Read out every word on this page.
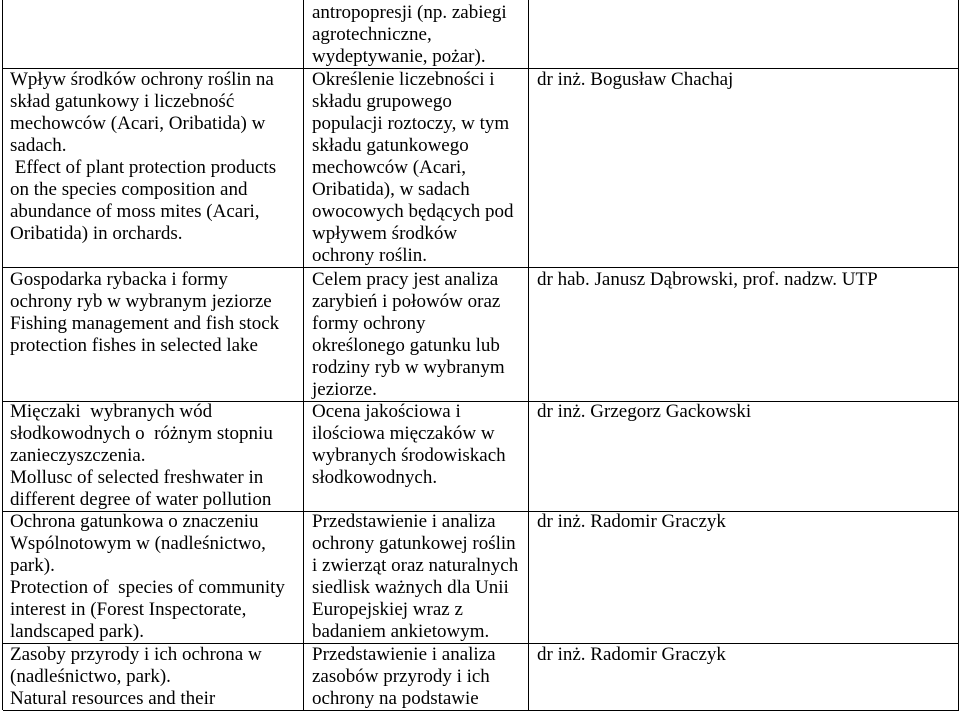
antropopresji (np. zabiegi
agrotechniczne,
wydeptywanie, pożar).
Wpływ środków ochrony roślin na
skład gatunkowy i liczebność
mechowców (Acari, Oribatida) w
sadach.
Effect of plant protection products
on the species composition and
abundance of moss mites (Acari,
Oribatida) in orchards.
Określenie liczebności i
składu grupowego
populacji roztoczy, w tym
składu gatunkowego
mechowców (Acari,
Oribatida), w sadach
owocowych będących pod
wpływem środków
ochrony roślin.
dr inż. Bogusław Chachaj
Gospodarka rybacka i formy
ochrony ryb w wybranym jeziorze
Fishing management and fish stock
protection fishes in selected lake
Celem pracy jest analiza
zarybień i połowów oraz
formy ochrony
określonego gatunku lub
rodziny ryb w wybranym
jeziorze.
dr hab. Janusz Dąbrowski, prof. nadzw. UTP
Mięczaki  wybranych wód
słodkowodnych o  różnym stopniu
zanieczyszczenia.
Mollusc of selected freshwater in
different degree of water pollution
Ocena jakościowa i
ilościowa mięczaków w
wybranych środowiskach
słodkowodnych.
dr inż. Grzegorz Gackowski
Ochrona gatunkowa o znaczeniu
Wspólnotowym w (nadleśnictwo,
park).
Protection of  species of community
interest in (Forest Inspectorate,
landscaped park).
Przedstawienie i analiza
ochrony gatunkowej roślin
i zwierząt oraz naturalnych
siedlisk ważnych dla Unii
Europejskiej wraz z
badaniem ankietowym.
dr inż. Radomir Graczyk
Zasoby przyrody i ich ochrona w
(nadleśnictwo, park).
Natural resources and their
Przedstawienie i analiza
zasobów przyrody i ich
ochrony na podstawie
dr inż. Radomir Graczyk
